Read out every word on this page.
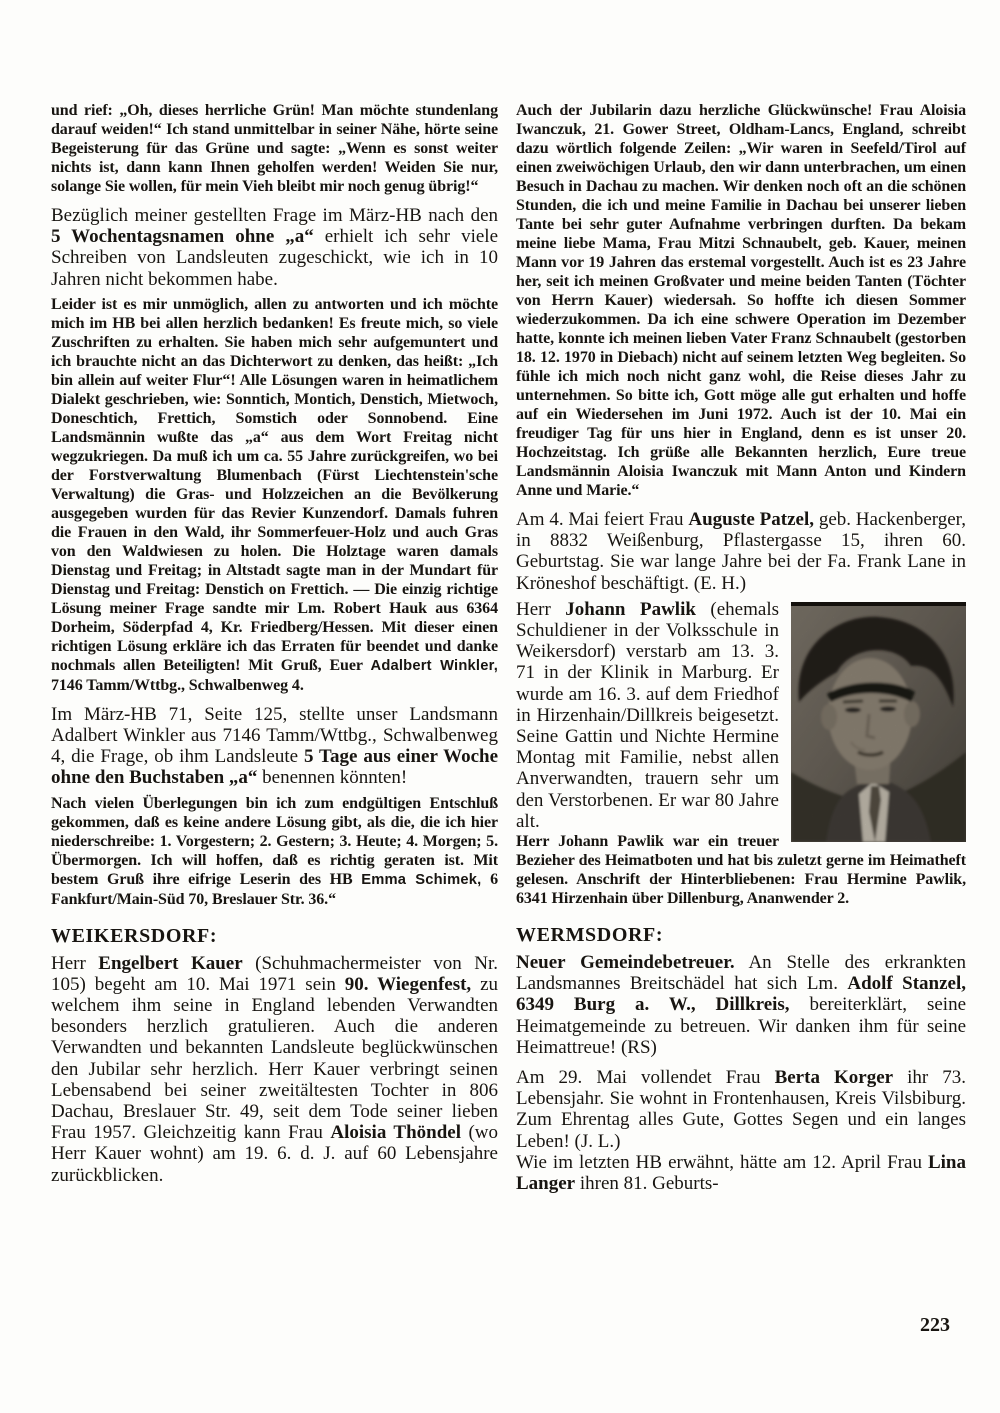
und rief: „Oh, dieses herrliche Grün! Man möchte stundenlang darauf weiden!“ Ich stand unmittelbar in seiner Nähe, hörte seine Begeisterung für das Grüne und sagte: „Wenn es sonst weiter nichts ist, dann kann Ihnen geholfen werden! Weiden Sie nur, solange Sie wollen, für mein Vieh bleibt mir noch genug übrig!“

Bezüglich meiner gestellten Frage im März-HB nach den 5 Wochentagsnamen ohne „a“ erhielt ich sehr viele Schreiben von Landsleuten zugeschickt, wie ich in 10 Jahren nicht bekommen habe.

Leider ist es mir unmöglich, allen zu antworten und ich möchte mich im HB bei allen herzlich bedanken! Es freute mich, so viele Zuschriften zu erhalten. Sie haben mich sehr aufgemuntert und ich brauchte nicht an das Dichterwort zu denken, das heißt: „Ich bin allein auf weiter Flur“! Alle Lösungen waren in heimatlichem Dialekt geschrieben, wie: Sonntich, Montich, Denstich, Mietwoch, Doneschtich, Frettich, Somstich oder Sonnobend. Eine Landsmännin wußte das „a“ aus dem Wort Freitag nicht wegzukriegen. Da muß ich um ca. 55 Jahre zurückgreifen, wo bei der Forstverwaltung Blumenbach (Fürst Liechtenstein'sche Verwaltung) die Gras- und Holzzeichen an die Bevölkerung ausgegeben wurden für das Revier Kunzendorf. Damals fuhren die Frauen in den Wald, ihr Sommerfeuer-Holz und auch Gras von den Waldwiesen zu holen. Die Holztage waren damals Dienstag und Freitag; in Altstadt sagte man in der Mundart für Dienstag und Freitag: Denstich on Frettich. — Die einzig richtige Lösung meiner Frage sandte mir Lm. Robert Hauk aus 6364 Dorheim, Söderpfad 4, Kr. Friedberg/Hessen. Mit dieser einen richtigen Lösung erkläre ich das Erraten für beendet und danke nochmals allen Beteiligten! Mit Gruß, Euer Adalbert Winkler, 7146 Tamm/Wttbg., Schwalbenweg 4.

Im März-HB 71, Seite 125, stellte unser Landsmann Adalbert Winkler aus 7146 Tamm/Wttbg., Schwalbenweg 4, die Frage, ob ihm Landsleute 5 Tage aus einer Woche ohne den Buchstaben „a“ benennen könnten!

Nach vielen Überlegungen bin ich zum endgültigen Entschluß gekommen, daß es keine andere Lösung gibt, als die, die ich hier niederschreibe: 1. Vorgestern; 2. Gestern; 3. Heute; 4. Morgen; 5. Übermorgen. Ich will hoffen, daß es richtig geraten ist. Mit bestem Gruß ihre eifrige Leserin des HB Emma Schimek, 6 Fankfurt/Main-Süd 70, Breslauer Str. 36.“

WEIKERSDORF:

Herr Engelbert Kauer (Schuhmachermeister von Nr. 105) begeht am 10. Mai 1971 sein 90. Wiegenfest, zu welchem ihm seine in England lebenden Verwandten besonders herzlich gratulieren. Auch die anderen Verwandten und bekannten Landsleute beglückwünschen den Jubilar sehr herzlich. Herr Kauer verbringt seinen Lebensabend bei seiner zweitältesten Tochter in 806 Dachau, Breslauer Str. 49, seit dem Tode seiner lieben Frau 1957. Gleichzeitig kann Frau Aloisia Thöndel (wo Herr Kauer wohnt) am 19. 6. d. J. auf 60 Lebensjahre zurückblicken.

Auch der Jubilarin dazu herzliche Glückwünsche! Frau Aloisia Iwanczuk, 21. Gower Street, Oldham-Lancs, England, schreibt dazu wörtlich folgende Zeilen: „Wir waren in Seefeld/Tirol auf einen zweiwöchigen Urlaub, den wir dann unterbrachen, um einen Besuch in Dachau zu machen. Wir denken noch oft an die schönen Stunden, die ich und meine Familie in Dachau bei unserer lieben Tante bei sehr guter Aufnahme verbringen durften. Da bekam meine liebe Mama, Frau Mitzi Schnaubelt, geb. Kauer, meinen Mann vor 19 Jahren das erstemal vorgestellt. Auch ist es 23 Jahre her, seit ich meinen Großvater und meine beiden Tanten (Töchter von Herrn Kauer) wiedersah. So hoffte ich diesen Sommer wiederzukommen. Da ich eine schwere Operation im Dezember hatte, konnte ich meinen lieben Vater Franz Schnaubelt (gestorben 18. 12. 1970 in Diebach) nicht auf seinem letzten Weg begleiten. So fühle ich mich noch nicht ganz wohl, die Reise dieses Jahr zu unternehmen. So bitte ich, Gott möge alle gut erhalten und hoffe auf ein Wiedersehen im Juni 1972. Auch ist der 10. Mai ein freudiger Tag für uns hier in England, denn es ist unser 20. Hochzeitstag. Ich grüße alle Bekannten herzlich, Eure treue Landsmännin Aloisia Iwanczuk mit Mann Anton und Kindern Anne und Marie.“

Am 4. Mai feiert Frau Auguste Patzel, geb. Hackenberger, in 8832 Weißenburg, Pflastergasse 15, ihren 60. Geburtstag. Sie war lange Jahre bei der Fa. Frank Lane in Kröneshof beschäftigt. (E. H.)

Herr Johann Pawlik (ehemals Schuldiener in der Volksschule in Weikersdorf) verstarb am 13. 3. 71 in der Klinik in Marburg. Er wurde am 16. 3. auf dem Friedhof in Hirzenhain/Dillkreis beigesetzt. Seine Gattin und Nichte Hermine Montag mit Familie, nebst allen Anverwandten, trauern sehr um den Verstorbenen. Er war 80 Jahre alt.

Herr Johann Pawlik war ein treuer Bezieher des Heimatboten und hat bis zuletzt gerne im Heimatheft gelesen. Anschrift der Hinterbliebenen: Frau Hermine Pawlik, 6341 Hirzenhain über Dillenburg, Ananwender 2.

WERMSDORF:

Neuer Gemeindebetreuer. An Stelle des erkrankten Landsmannes Breitschädel hat sich Lm. Adolf Stanzel, 6349 Burg a. W., Dillkreis, bereiterklärt, seine Heimatgemeinde zu betreuen. Wir danken ihm für seine Heimattreue! (RS)

Am 29. Mai vollendet Frau Berta Korger ihr 73. Lebensjahr. Sie wohnt in Frontenhausen, Kreis Vilsbiburg. Zum Ehrentag alles Gute, Gottes Segen und ein langes Leben! (J. L.)

Wie im letzten HB erwähnt, hätte am 12. April Frau Lina Langer ihren 81. Geburts-

223
